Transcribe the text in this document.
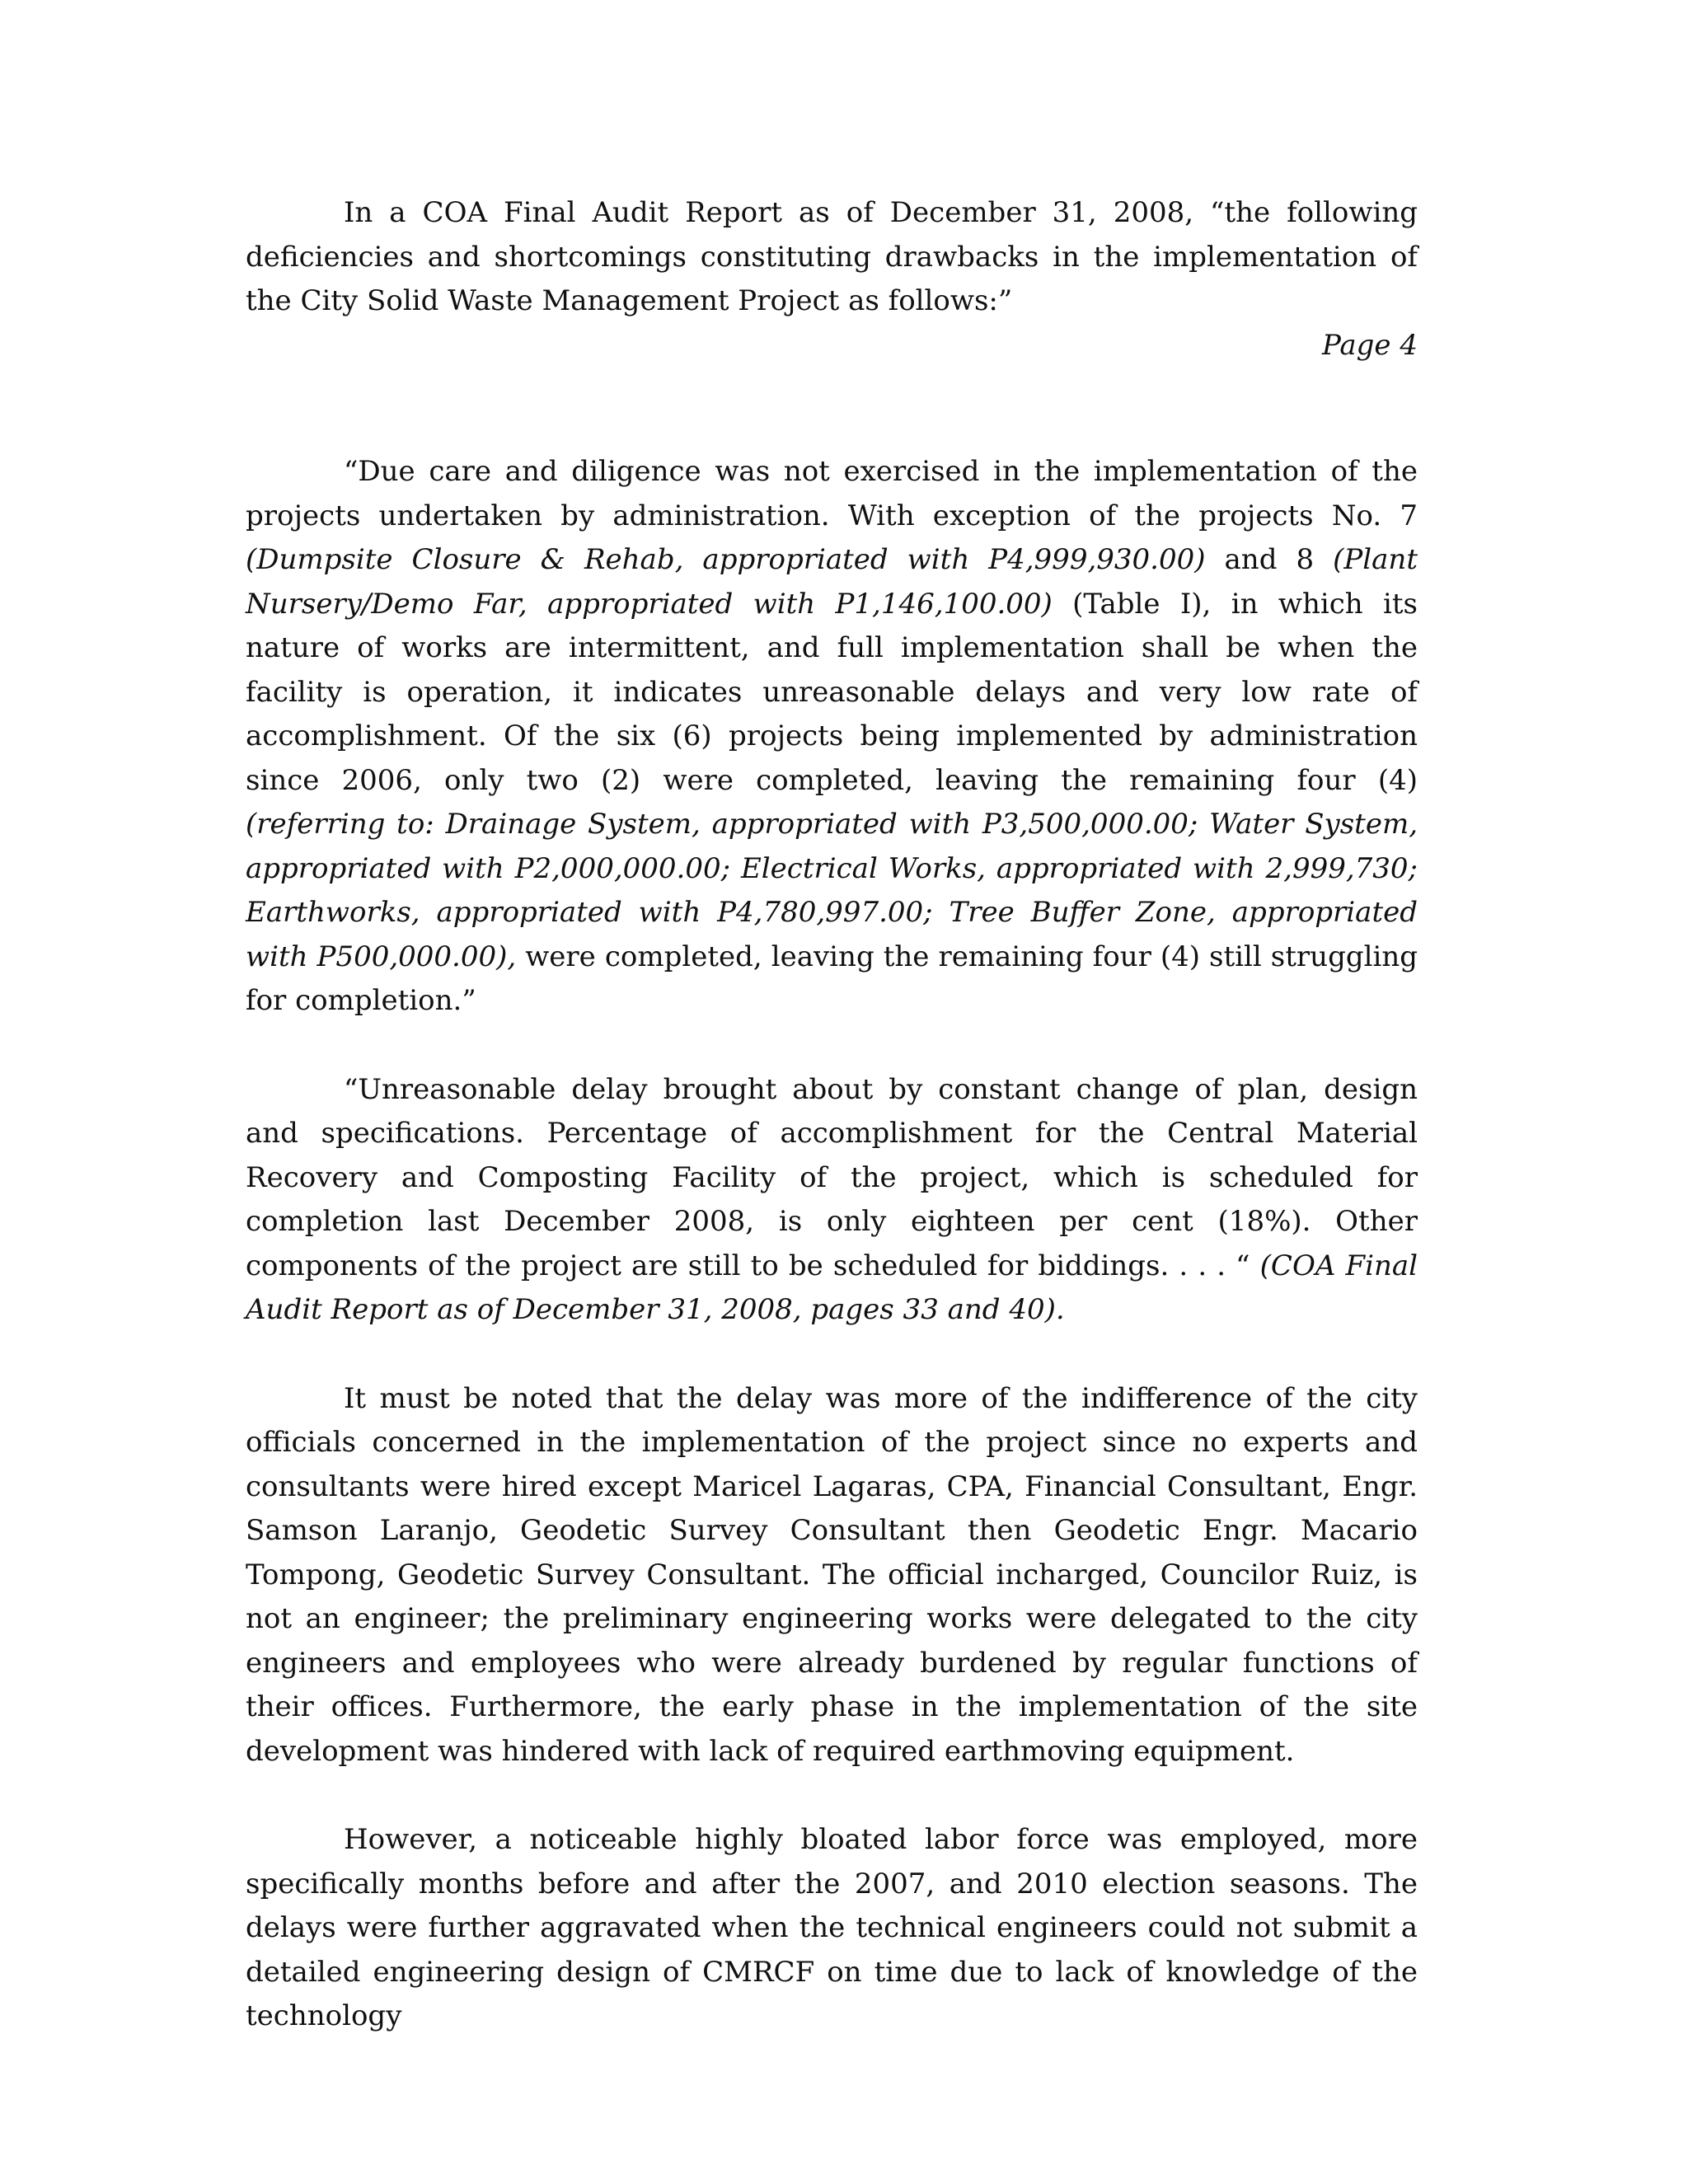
In a COA Final Audit Report as of December 31, 2008, “the following deficiencies and shortcomings constituting drawbacks in the implementation of the City Solid Waste Management Project as follows:”

Page 4

“Due care and diligence was not exercised in the implementation of the projects undertaken by administration. With exception of the projects No. 7 (Dumpsite Closure & Rehab, appropriated with P4,999,930.00) and 8 (Plant Nursery/Demo Far, appropriated with P1,146,100.00) (Table I), in which its nature of works are intermittent, and full implementation shall be when the facility is operation, it indicates unreasonable delays and very low rate of accomplishment. Of the six (6) projects being implemented by administration since 2006, only two (2) were completed, leaving the remaining four (4) (referring to: Drainage System, appropriated with P3,500,000.00; Water System, appropriated with P2,000,000.00; Electrical Works, appropriated with 2,999,730; Earthworks, appropriated with P4,780,997.00; Tree Buffer Zone, appropriated with P500,000.00), were completed, leaving the remaining four (4) still struggling for completion.”

“Unreasonable delay brought about by constant change of plan, design and specifications. Percentage of accomplishment for the Central Material Recovery and Composting Facility of the project, which is scheduled for completion last December 2008, is only eighteen per cent (18%). Other components of the project are still to be scheduled for biddings. . . . “ (COA Final Audit Report as of December 31, 2008, pages 33 and 40).

It must be noted that the delay was more of the indifference of the city officials concerned in the implementation of the project since no experts and consultants were hired except Maricel Lagaras, CPA, Financial Consultant, Engr. Samson Laranjo, Geodetic Survey Consultant then Geodetic Engr. Macario Tompong, Geodetic Survey Consultant. The official incharged, Councilor Ruiz, is not an engineer; the preliminary engineering works were delegated to the city engineers and employees who were already burdened by regular functions of their offices. Furthermore, the early phase in the implementation of the site development was hindered with lack of required earthmoving equipment.

However, a noticeable highly bloated labor force was employed, more specifically months before and after the 2007, and 2010 election seasons. The delays were further aggravated when the technical engineers could not submit a detailed engineering design of CMRCF on time due to lack of knowledge of the technology
